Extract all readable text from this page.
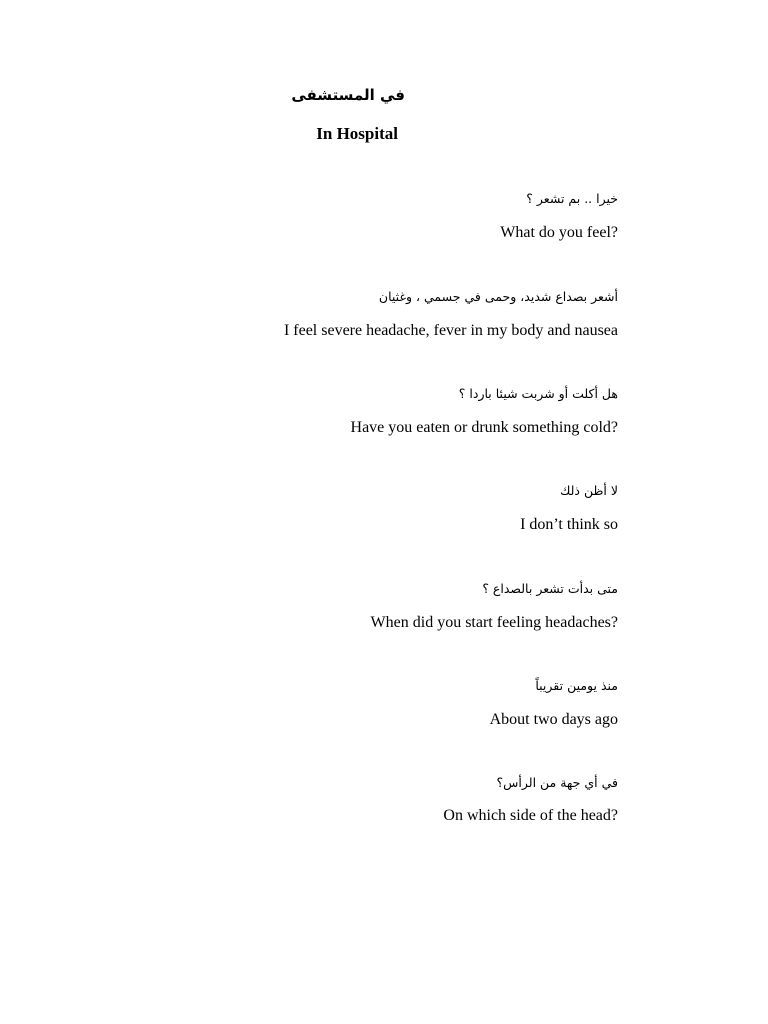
في المستشفى
In Hospital
خيرا .. بم تشعر ؟
What do you feel?
أشعر بصداع شديد، وحمى في جسمي ، وغثيان
I feel severe headache, fever in my body and nausea
هل أكلت أو شربت شيئا باردا ؟
Have you eaten or drunk something cold?
لا أظن ذلك
I don’t think so
متى بدأت تشعر بالصداع ؟
When did you start feeling headaches?
منذ يومين تقريباً
About two days ago
في أي جهة من الرأس؟
On which side of the head?
